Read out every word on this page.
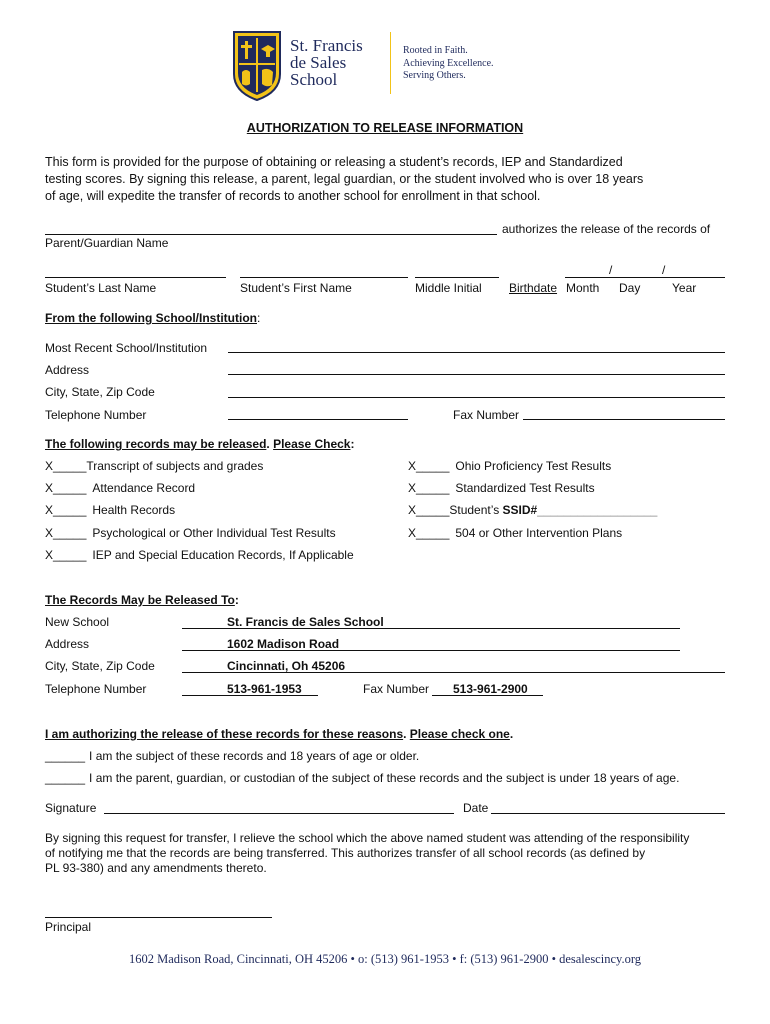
St. Francis
de Sales
School
Rooted in Faith.
Achieving Excellence.
Serving Others.
AUTHORIZATION TO RELEASE INFORMATION
This form is provided for the purpose of obtaining or releasing a student’s records, IEP and Standardized
testing scores. By signing this release, a parent, legal guardian, or the student involved who is over 18 years
of age, will expedite the transfer of records to another school for enrollment in that school.
authorizes the release of the records of
Parent/Guardian Name
/	/
Student’s Last Name	Student’s First Name	Middle Initial Birthdate Month Day	Year
From the following School/Institution:
Most Recent School/Institution
Address
City, State, Zip Code
Telephone Number	Fax Number
The following records may be released. Please Check:
X_____Transcript of subjects and grades
X_____ Attendance Record
X_____ Health Records
X_____ Psychological or Other Individual Test Results
X_____ IEP and Special Education Records, If Applicable
X_____ Ohio Proficiency Test Results
X_____ Standardized Test Results
X_____Student’s SSID#__________________
X_____ 504 or Other Intervention Plans
The Records May be Released To:
New School	St. Francis de Sales School
Address	1602 Madison Road
City, State, Zip Code	Cincinnati, Oh 45206
Telephone Number	513-961-1953	Fax Number 513-961-2900
I am authorizing the release of these records for these reasons. Please check one.
______ I am the subject of these records and 18 years of age or older.
______ I am the parent, guardian, or custodian of the subject of these records and the subject is under 18 years of age.
Signature	Date
By signing this request for transfer, I relieve the school which the above named student was attending of the responsibility
of notifying me that the records are being transferred. This authorizes transfer of all school records (as defined by
PL 93-380) and any amendments thereto.
Principal
1602 Madison Road, Cincinnati, OH 45206 • o: (513) 961-1953 • f: (513) 961-2900 • desalescincy.org
